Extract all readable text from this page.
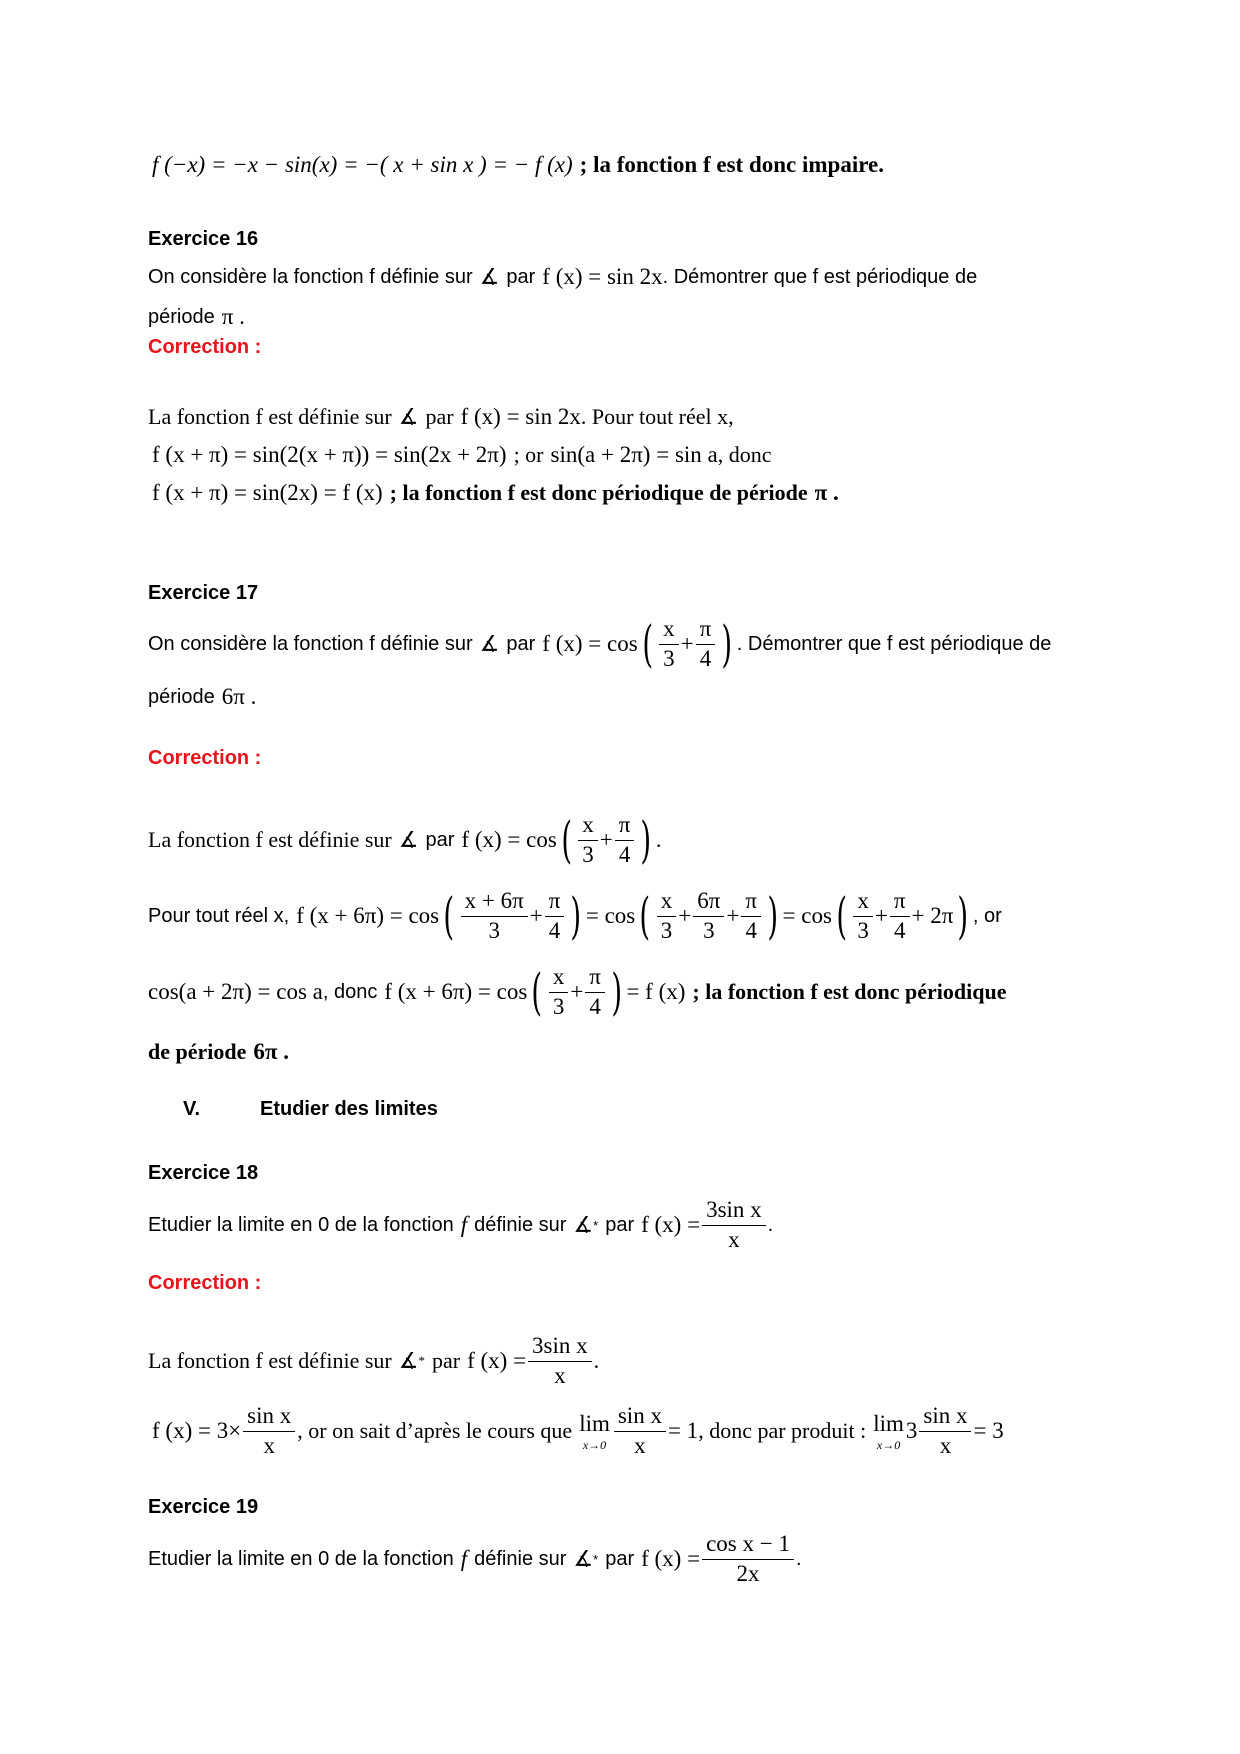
f (−x) = −x − sin(x) = −( x + sin x ) = − f (x) ; la fonction f est donc impaire.
Exercice 16
On considère la fonction f définie sur ∡ par f (x) = sin 2x . Démontrer que f est périodique de
période π .
Correction :
La fonction f est définie sur ∡ par f (x) = sin 2x . Pour tout réel x,
f (x + π) = sin(2(x + π)) = sin(2x + 2π) ; or sin(a + 2π) = sin a , donc
f (x + π) = sin(2x) = f (x) ; la fonction f est donc périodique de période π .
Exercice 17
On considère la fonction f définie sur ∡ par f (x) = cos ( x
3
+ $\frac{\pi}{4}$ ) . Démontrer que f est périodique de
période 6π .
Correction :
La fonction f est définie sur ∡ par f (x) = cos ( x
3
+ $\frac{\pi}{4}$ ) .
Pour tout réel x, f (x + 6π) = cos ( x + 6π
3
+ $\frac{\pi}{4}$ ) = cos ( x
3
+ $\frac{6\pi}{3} + \frac{\pi}{4}$ ) = cos ( x
3
+ $\frac{\pi}{4} + 2\pi$ ) , or
cos(a + 2π) = cos a , donc f (x + 6π) = cos ( x
3
+ $\frac{\pi}{4}$ ) = f (x) ; la fonction f est donc périodique
de période 6π .
V.	Etudier des limites
Exercice 18
Etudier la limite en 0 de la fonction f définie sur ∡ * par f $(x) = \frac{\text{3sin x}}{x}$ .
Correction :
La fonction f est définie sur ∡ * par f $(x) = \frac{\text{3sin x}}{x}$ .
f $(x) = 3\times \frac{\text{sin x}}{x}$ , or on sait d’après le cours que lim
$x\to 0 \frac{\text{sin x}}{x} = 1$ , donc par produit : lim
x→0
$3 \frac{\text{sin x}}{x} = 3$
Exercice 19
Etudier la limite en 0 de la fonction f définie sur ∡ * par f $(x) = \frac{\text{cos x − 1}}{2x}$ .
